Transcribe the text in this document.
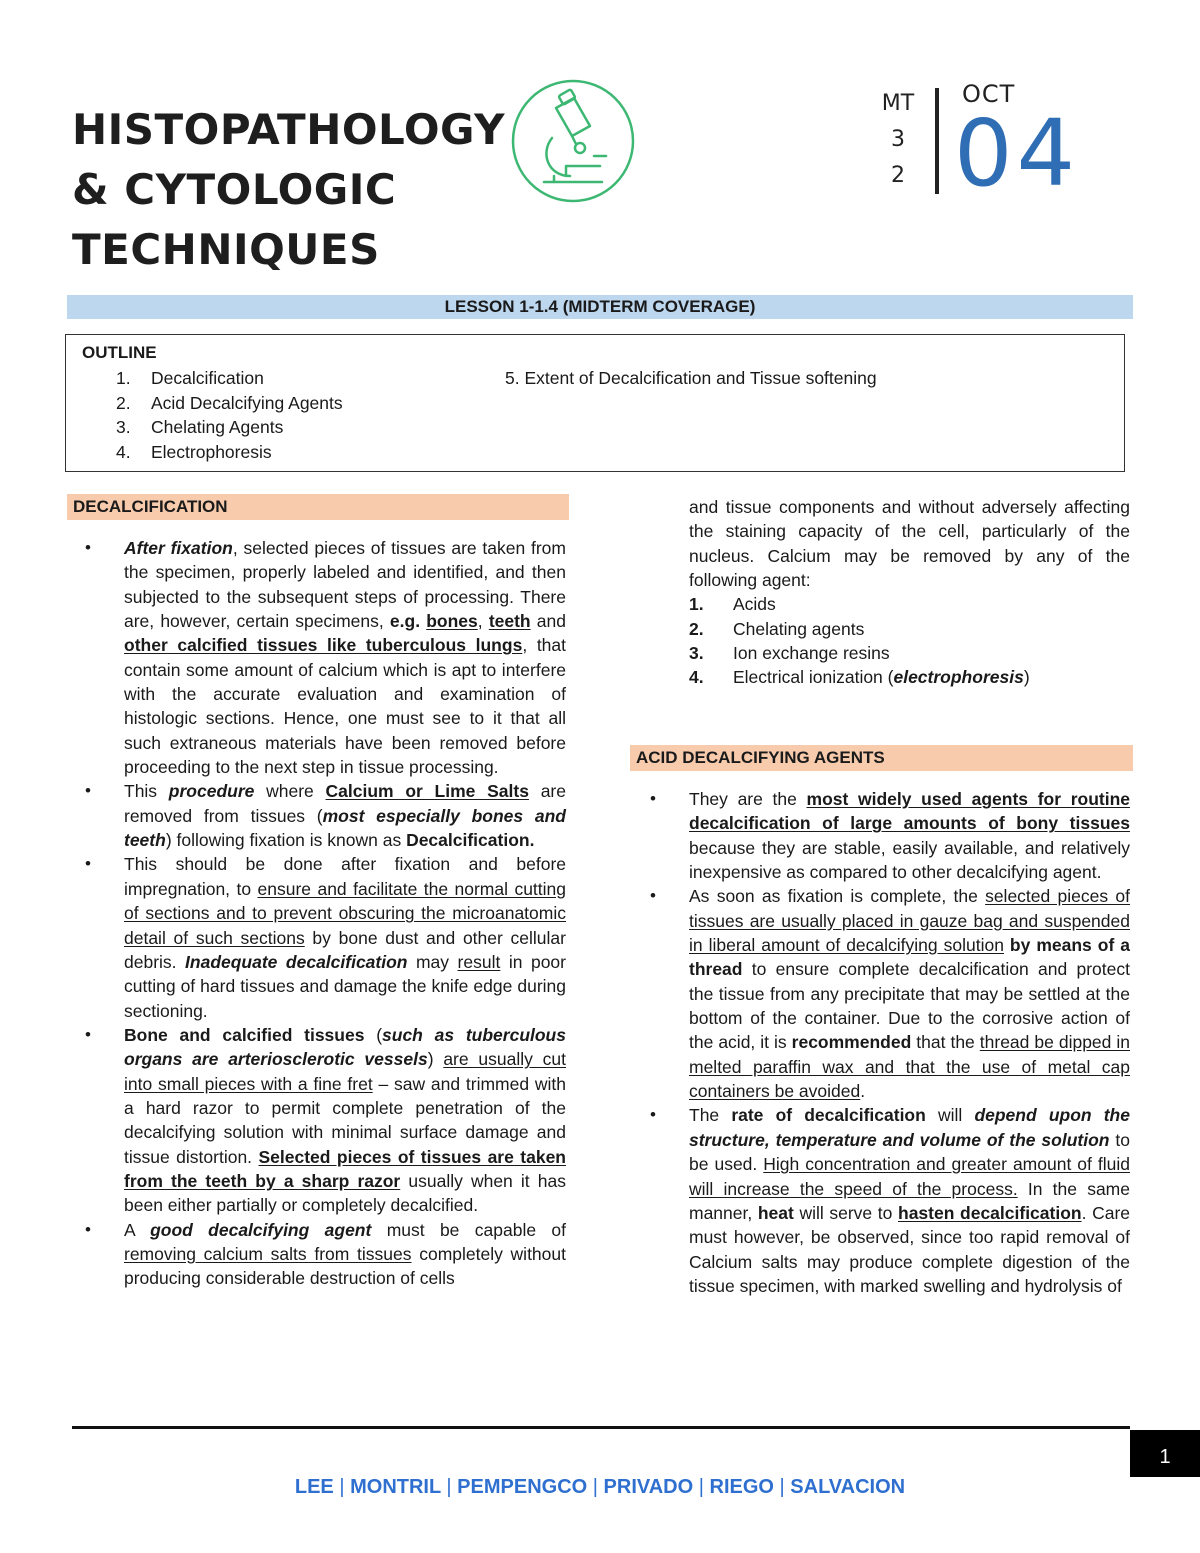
HISTOPATHOLOGY
& CYTOLOGIC
TECHNIQUES
MT
3
2
OCT
04
LESSON 1-1.4 (MIDTERM COVERAGE)
OUTLINE
1.	Decalcification
2.	Acid Decalcifying Agents
3.	Chelating Agents
4.	Electrophoresis
5. Extent of Decalcification and Tissue softening
DECALCIFICATION

• After fixation, selected pieces of tissues are taken from the specimen, properly labeled and identified, and then subjected to the subsequent steps of processing. There are, however, certain specimens, e.g. bones, teeth and other calcified tissues like tuberculous lungs, that contain some amount of calcium which is apt to interfere with the accurate evaluation and examination of histologic sections. Hence, one must see to it that all such extraneous materials have been removed before proceeding to the next step in tissue processing.

• This procedure where Calcium or Lime Salts are removed from tissues (most especially bones and teeth) following fixation is known as Decalcification.

• This should be done after fixation and before impregnation, to ensure and facilitate the normal cutting of sections and to prevent obscuring the microanatomic detail of such sections by bone dust and other cellular debris. Inadequate decalcification may result in poor cutting of hard tissues and damage the knife edge during sectioning.

• Bone and calcified tissues (such as tuberculous organs are arteriosclerotic vessels) are usually cut into small pieces with a fine fret – saw and trimmed with a hard razor to permit complete penetration of the decalcifying solution with minimal surface damage and tissue distortion. Selected pieces of tissues are taken from the teeth by a sharp razor usually when it has been either partially or completely decalcified.

• A good decalcifying agent must be capable of removing calcium salts from tissues completely without producing considerable destruction of cells

and tissue components and without adversely affecting the staining capacity of the cell, particularly of the nucleus. Calcium may be removed by any of the following agent:

1.	Acids
2.	Chelating agents
3.	Ion exchange resins
4.	Electrical ionization (electrophoresis)
ACID DECALCIFYING AGENTS

• They are the most widely used agents for routine decalcification of large amounts of bony tissues because they are stable, easily available, and relatively inexpensive as compared to other decalcifying agent.

• As soon as fixation is complete, the selected pieces of tissues are usually placed in gauze bag and suspended in liberal amount of decalcifying solution by means of a thread to ensure complete decalcification and protect the tissue from any precipitate that may be settled at the bottom of the container. Due to the corrosive action of the acid, it is recommended that the thread be dipped in melted paraffin wax and that the use of metal cap containers be avoided.

• The rate of decalcification will depend upon the structure, temperature and volume of the solution to be used. High concentration and greater amount of fluid will increase the speed of the process. In the same manner, heat will serve to hasten decalcification. Care must however, be observed, since too rapid removal of Calcium salts may produce complete digestion of the tissue specimen, with marked swelling and hydrolysis of

1
LEE | MONTRIL | PEMPENGCO | PRIVADO | RIEGO | SALVACION
